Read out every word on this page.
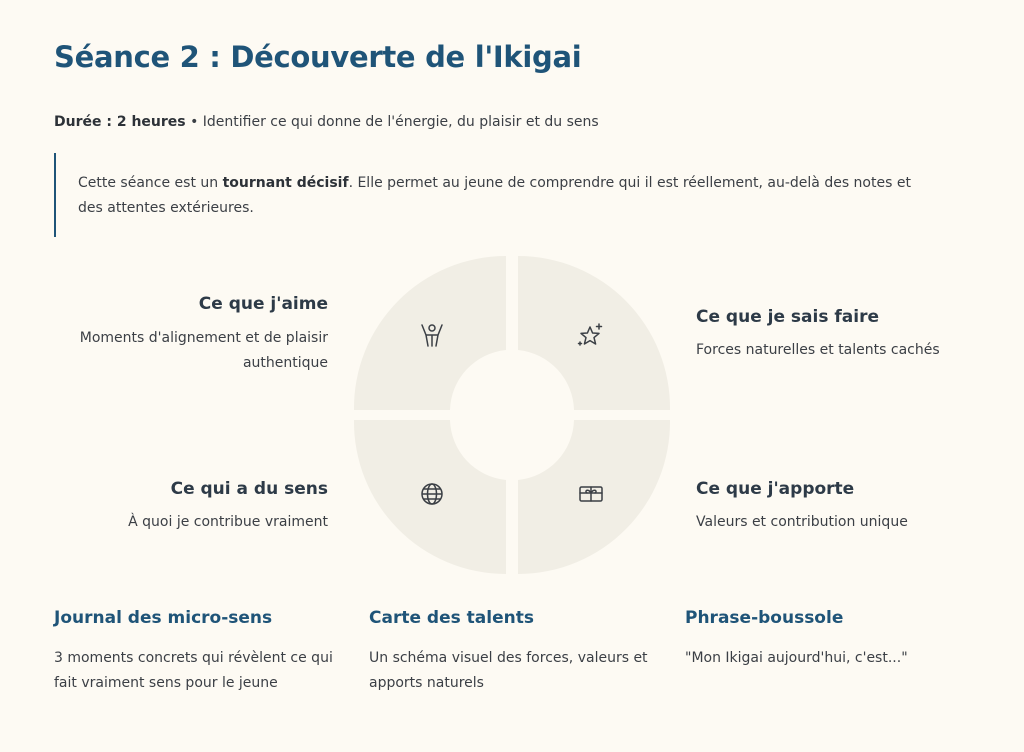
Séance 2 : Découverte de l'Ikigai
Durée : 2 heures • Identifier ce qui donne de l'énergie, du plaisir et du sens
Cette séance est un tournant décisif. Elle permet au jeune de comprendre qui il est réellement, au-delà des notes et des attentes extérieures.
Ce que j'aime
Moments d'alignement et de plaisir authentique
Ce que je sais faire
Forces naturelles et talents cachés
Ce qui a du sens
À quoi je contribue vraiment
Ce que j'apporte
Valeurs et contribution unique
Journal des micro-sens
3 moments concrets qui révèlent ce qui fait vraiment sens pour le jeune
Carte des talents
Un schéma visuel des forces, valeurs et apports naturels
Phrase-boussole
"Mon Ikigai aujourd'hui, c'est..."
